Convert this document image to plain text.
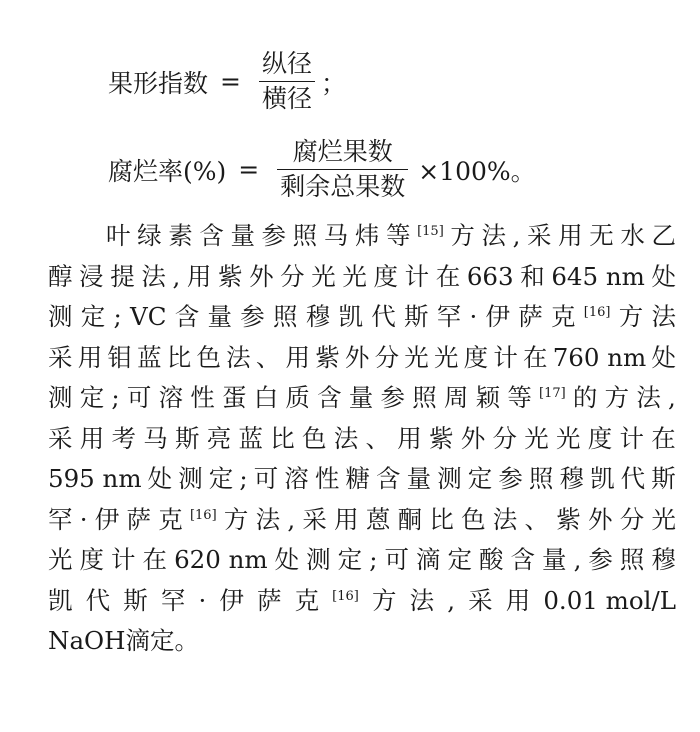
果形指数 = $\frac{\text{纵径}}{\text{横径}}$ ；
腐烂率(%) = $\frac{\text{腐烂果数}}{\text{剩余总果数}} \times 100\%$。
叶 绿 素 含 量 参 照 马 炜 等 [15] 方 法 , 采 用 无 水 乙
醇 浸 提 法 , 用 紫 外 分 光 光 度 计 在 663 和 645 nm 处
测 定 ; VC 含 量 参 照 穆 凯 代 斯 罕 · 伊 萨 克 [16] 方 法
采 用 钼 蓝 比 色 法 、 用 紫 外 分 光 光 度 计 在 760 nm 处
测 定 ; 可 溶 性 蛋 白 质 含 量 参 照 周 颖 等 [17] 的 方 法 ,
采 用 考 马 斯 亮 蓝 比 色 法 、 用 紫 外 分 光 光 度 计 在
595 nm 处 测 定 ; 可 溶 性 糖 含 量 测 定 参 照 穆 凯 代 斯
罕 · 伊 萨 克 [16] 方 法 , 采 用 蒽 酮 比 色 法 、 紫 外 分 光
光 度 计 在 620 nm 处 测 定 ; 可 滴 定 酸 含 量 , 参 照 穆
凯 代 斯 罕 · 伊 萨 克 [16] 方 法 , 采 用 0.01 mol/L
NaOH滴定。
